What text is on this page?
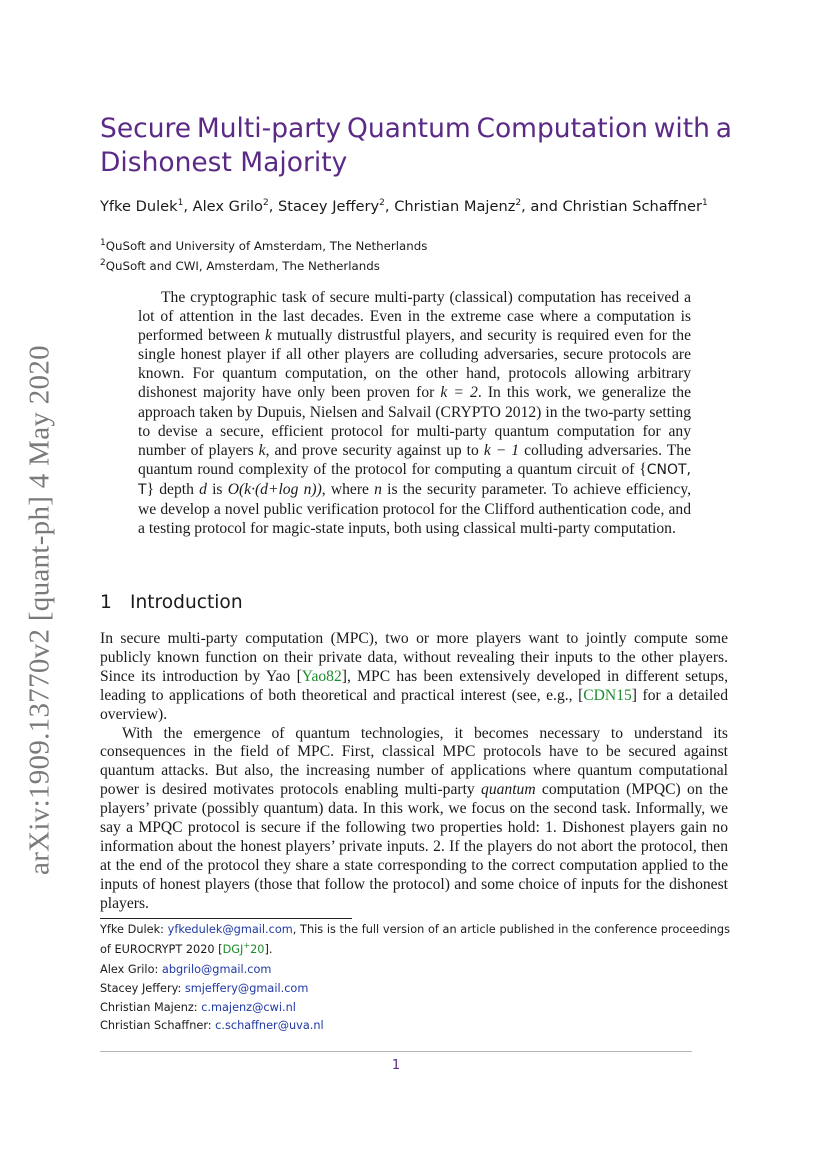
arXiv:1909.13770v2 [quant-ph] 4 May 2020
Secure Multi-party Quantum Computation with a
Dishonest Majority
Yfke Dulek$^1$, Alex Grilo$^2$, Stacey Jeffery$^2$, Christian Majenz$^2$, and Christian Schaffner$^1$
$^1$QuSoft and University of Amsterdam, The Netherlands
$^2$QuSoft and CWI, Amsterdam, The Netherlands

The cryptographic task of secure multi-party (classical) computation has received a lot of attention in the last decades. Even in the extreme case where a computation is performed between k mutually distrustful players, and security is required even for the single honest player if all other players are colluding adversaries, secure protocols are known. For quantum computation, on the other hand, protocols allowing arbitrary dishonest majority have only been proven for k = 2. In this work, we generalize the approach taken by Dupuis, Nielsen and Salvail (CRYPTO 2012) in the two-party setting to devise a secure, efficient protocol for multi-party quantum computation for any number of players k, and prove security against up to k − 1 colluding adversaries. The quantum round complexity of the protocol for computing a quantum circuit of {CNOT, T} depth d is O(k·(d+log n)), where n is the security parameter. To achieve efficiency, we develop a novel public verification protocol for the Clifford authentication code, and a testing protocol for magic-state inputs, both using classical multi-party computation.

1 Introduction

In secure multi-party computation (MPC), two or more players want to jointly compute some publicly known function on their private data, without revealing their inputs to the other players. Since its introduction by Yao [Yao82], MPC has been extensively developed in different setups, leading to applications of both theoretical and practical interest (see, e.g., [CDN15] for a detailed overview).

With the emergence of quantum technologies, it becomes necessary to understand its consequences in the field of MPC. First, classical MPC protocols have to be secured against quantum attacks. But also, the increasing number of applications where quantum computational power is desired motivates protocols enabling multi-party quantum computation (MPQC) on the players’ private (possibly quantum) data. In this work, we focus on the second task. Informally, we say a MPQC protocol is secure if the following two properties hold: 1. Dishonest players gain no information about the honest players’ private inputs. 2. If the players do not abort the protocol, then at the end of the protocol they share a state corresponding to the correct computation applied to the inputs of honest players (those that follow the protocol) and some choice of inputs for the dishonest players.

Yfke Dulek: yfkedulek@gmail.com, This is the full version of an article published in the conference proceedings of EUROCRYPT 2020 [DGJ+20].
Alex Grilo: abgrilo@gmail.com
Stacey Jeffery: smjeffery@gmail.com
Christian Majenz: c.majenz@cwi.nl
Christian Schaffner: c.schaffner@uva.nl
1
